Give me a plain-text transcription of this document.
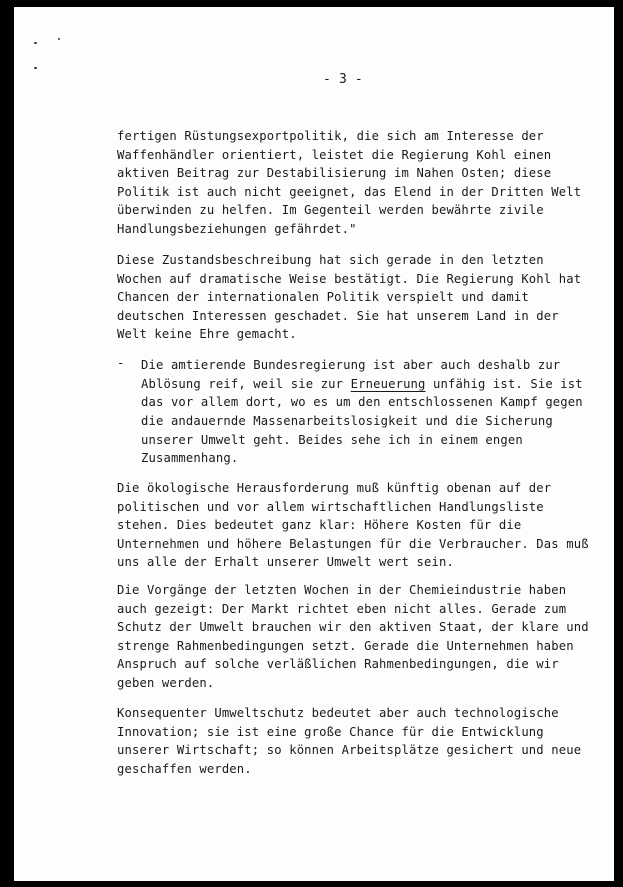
- 3 -

fertigen Rüstungsexportpolitik, die sich am Interesse der
Waffenhändler orientiert, leistet die Regierung Kohl einen
aktiven Beitrag zur Destabilisierung im Nahen Osten; diese
Politik ist auch nicht geeignet, das Elend in der Dritten Welt
überwinden zu helfen. Im Gegenteil werden bewährte zivile
Handlungsbeziehungen gefährdet."

Diese Zustandsbeschreibung hat sich gerade in den letzten
Wochen auf dramatische Weise bestätigt. Die Regierung Kohl hat
Chancen der internationalen Politik verspielt und damit
deutschen Interessen geschadet. Sie hat unserem Land in der
Welt keine Ehre gemacht.

- Die amtierende Bundesregierung ist aber auch deshalb zur
Ablösung reif, weil sie zur Erneuerung unfähig ist. Sie ist
das vor allem dort, wo es um den entschlossenen Kampf gegen
die andauernde Massenarbeitslosigkeit und die Sicherung
unserer Umwelt geht. Beides sehe ich in einem engen
Zusammenhang.

Die ökologische Herausforderung muß künftig obenan auf der
politischen und vor allem wirtschaftlichen Handlungsliste
stehen. Dies bedeutet ganz klar: Höhere Kosten für die
Unternehmen und höhere Belastungen für die Verbraucher. Das muß
uns alle der Erhalt unserer Umwelt wert sein.

Die Vorgänge der letzten Wochen in der Chemieindustrie haben
auch gezeigt: Der Markt richtet eben nicht alles. Gerade zum
Schutz der Umwelt brauchen wir den aktiven Staat, der klare und
strenge Rahmenbedingungen setzt. Gerade die Unternehmen haben
Anspruch auf solche verläßlichen Rahmenbedingungen, die wir
geben werden.

Konsequenter Umweltschutz bedeutet aber auch technologische
Innovation; sie ist eine große Chance für die Entwicklung
unserer Wirtschaft; so können Arbeitsplätze gesichert und neue
geschaffen werden.
